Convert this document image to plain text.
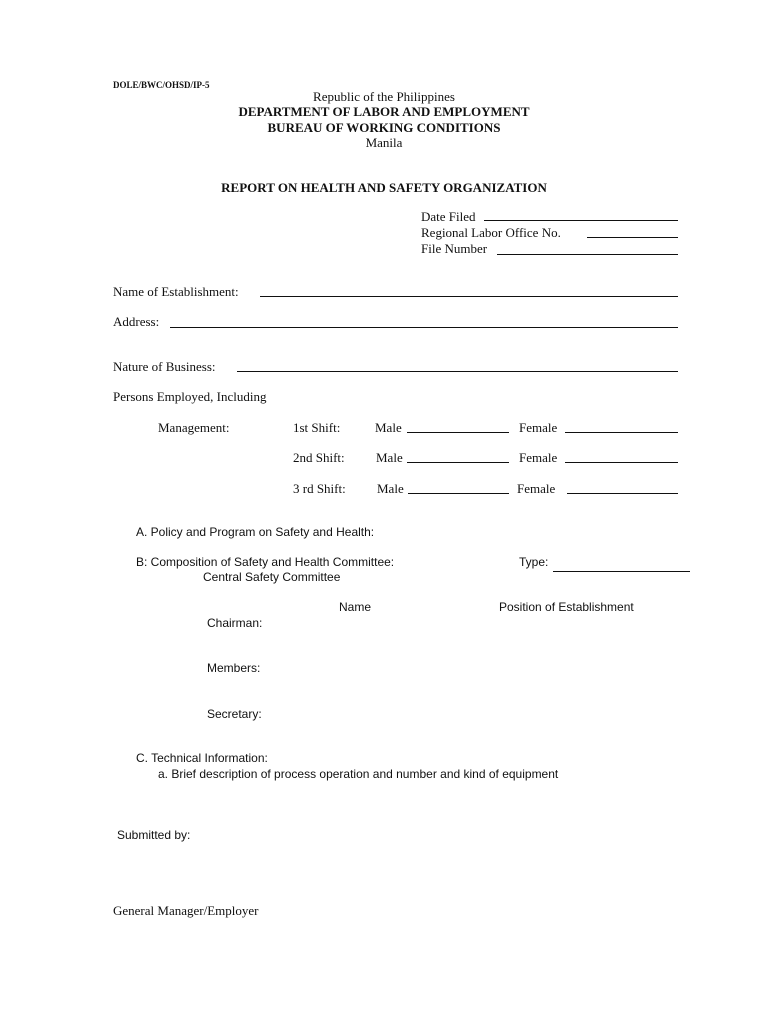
DOLE/BWC/OHSD/IP-5
Republic of the Philippines
DEPARTMENT OF LABOR AND EMPLOYMENT
BUREAU OF WORKING CONDITIONS
Manila
REPORT ON HEALTH AND SAFETY ORGANIZATION
Date Filed
Regional Labor Office No.
File Number
Name of Establishment:
Address:
Nature of Business:
Persons Employed, Including
Management:	1st Shift:	Male	Female
2nd Shift: Male	Female
3 rd Shift: Male	Female
A. Policy and Program on Safety and Health:
B: Composition of Safety and Health Committee:	Type:
Central Safety Committee
Name	Position of Establishment
Chairman:
Members:
Secretary:
C. Technical Information:
a. Brief description of process operation and number and kind of equipment
Submitted by:
General Manager/Employer
